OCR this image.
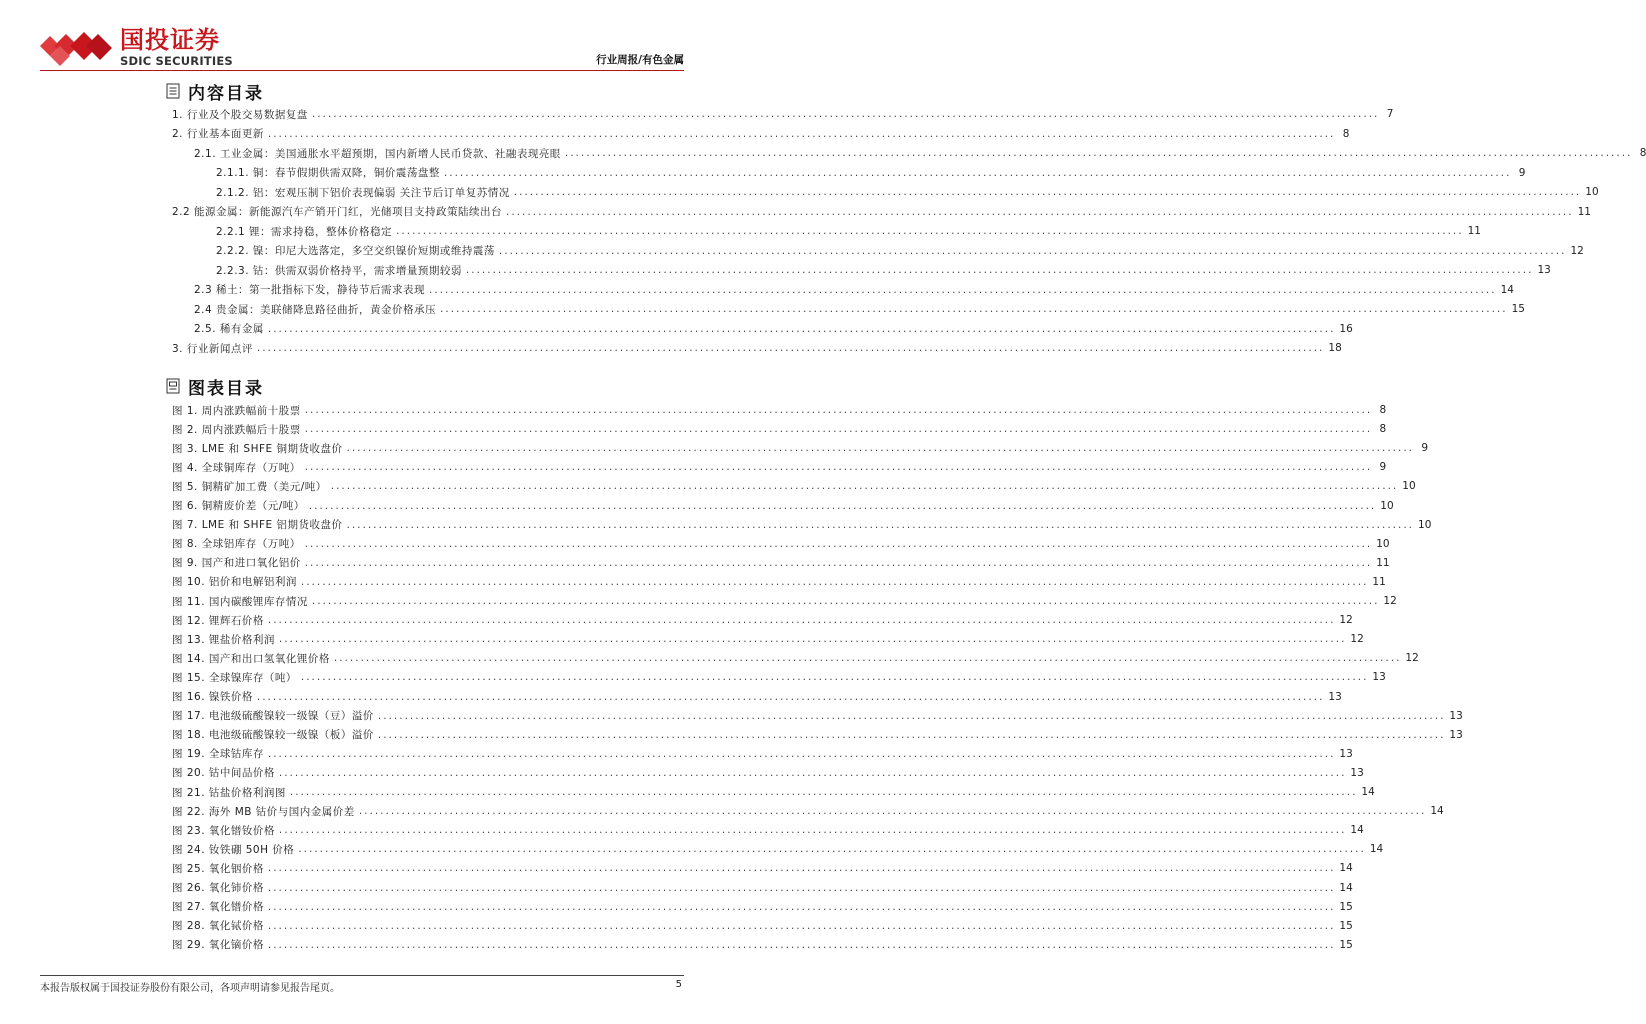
国投证券
SDIC SECURITIES	行业周报/有色金属
内容目录
图表目录
1. 行业及个股交易数据复盘 ........................................................................................................................................................................................................ 7
2. 行业基本面更新 ........................................................................................................................................................................................................ 8
2.1. 工业金属：美国通胀水平超预期，国内新增人民币贷款、社融表现亮眼 ........................................................................................................................................................................................................ 8
2.1.1. 铜：春节假期供需双降，铜价震荡盘整 ........................................................................................................................................................................................................ 9
2.1.2. 铝：宏观压制下铝价表现偏弱 关注节后订单复苏情况 ........................................................................................................................................................................................................ 10
2.2 能源金属：新能源汽车产销开门红，光储项目支持政策陆续出台 ........................................................................................................................................................................................................ 11
2.2.1 锂：需求持稳，整体价格稳定 ........................................................................................................................................................................................................ 11
2.2.2. 镍：印尼大选落定，多空交织镍价短期或维持震荡 ........................................................................................................................................................................................................ 12
2.2.3. 钴：供需双弱价格持平，需求增量预期较弱 ........................................................................................................................................................................................................ 13
2.3 稀土：第一批指标下发，静待节后需求表现 ........................................................................................................................................................................................................ 14
2.4 贵金属：美联储降息路径曲折，黄金价格承压 ........................................................................................................................................................................................................ 15
2.5. 稀有金属 ........................................................................................................................................................................................................ 16
3. 行业新闻点评 ........................................................................................................................................................................................................ 18
图 1. 周内涨跌幅前十股票 ........................................................................................................................................................................................................ 8
图 2. 周内涨跌幅后十股票 ........................................................................................................................................................................................................ 8
图 3. LME 和 SHFE 铜期货收盘价 ........................................................................................................................................................................................................ 9
图 4. 全球铜库存（万吨） ........................................................................................................................................................................................................ 9
图 5. 铜精矿加工费（美元/吨） ........................................................................................................................................................................................................ 10
图 6. 铜精废价差（元/吨） ........................................................................................................................................................................................................ 10
图 7. LME 和 SHFE 铝期货收盘价 ........................................................................................................................................................................................................ 10
图 8. 全球铝库存（万吨） ........................................................................................................................................................................................................ 10
图 9. 国产和进口氧化铝价 ........................................................................................................................................................................................................ 11
图 10. 铝价和电解铝利润 ........................................................................................................................................................................................................ 11
图 11. 国内碳酸锂库存情况 ........................................................................................................................................................................................................ 12
图 12. 锂辉石价格 ........................................................................................................................................................................................................ 12
图 13. 锂盐价格利润 ........................................................................................................................................................................................................ 12
图 14. 国产和出口氢氧化锂价格 ........................................................................................................................................................................................................ 12
图 15. 全球镍库存（吨） ........................................................................................................................................................................................................ 13
图 16. 镍铁价格 ........................................................................................................................................................................................................ 13
图 17. 电池级硫酸镍较一级镍（豆）溢价 ........................................................................................................................................................................................................ 13
图 18. 电池级硫酸镍较一级镍（板）溢价 ........................................................................................................................................................................................................ 13
图 19. 全球钴库存 ........................................................................................................................................................................................................ 13
图 20. 钴中间品价格 ........................................................................................................................................................................................................ 13
图 21. 钴盐价格利润图 ........................................................................................................................................................................................................ 14
图 22. 海外 MB 钴价与国内金属价差 ........................................................................................................................................................................................................ 14
图 23. 氧化镨钕价格 ........................................................................................................................................................................................................ 14
图 24. 钕铁硼 50H 价格 ........................................................................................................................................................................................................ 14
图 25. 氧化铟价格 ........................................................................................................................................................................................................ 14
图 26. 氧化铈价格 ........................................................................................................................................................................................................ 14
图 27. 氧化镨价格 ........................................................................................................................................................................................................ 15
图 28. 氧化铽价格 ........................................................................................................................................................................................................ 15
图 29. 氧化镝价格 ........................................................................................................................................................................................................ 15
本报告版权属于国投证券股份有限公司，各项声明请参见报告尾页。	5
